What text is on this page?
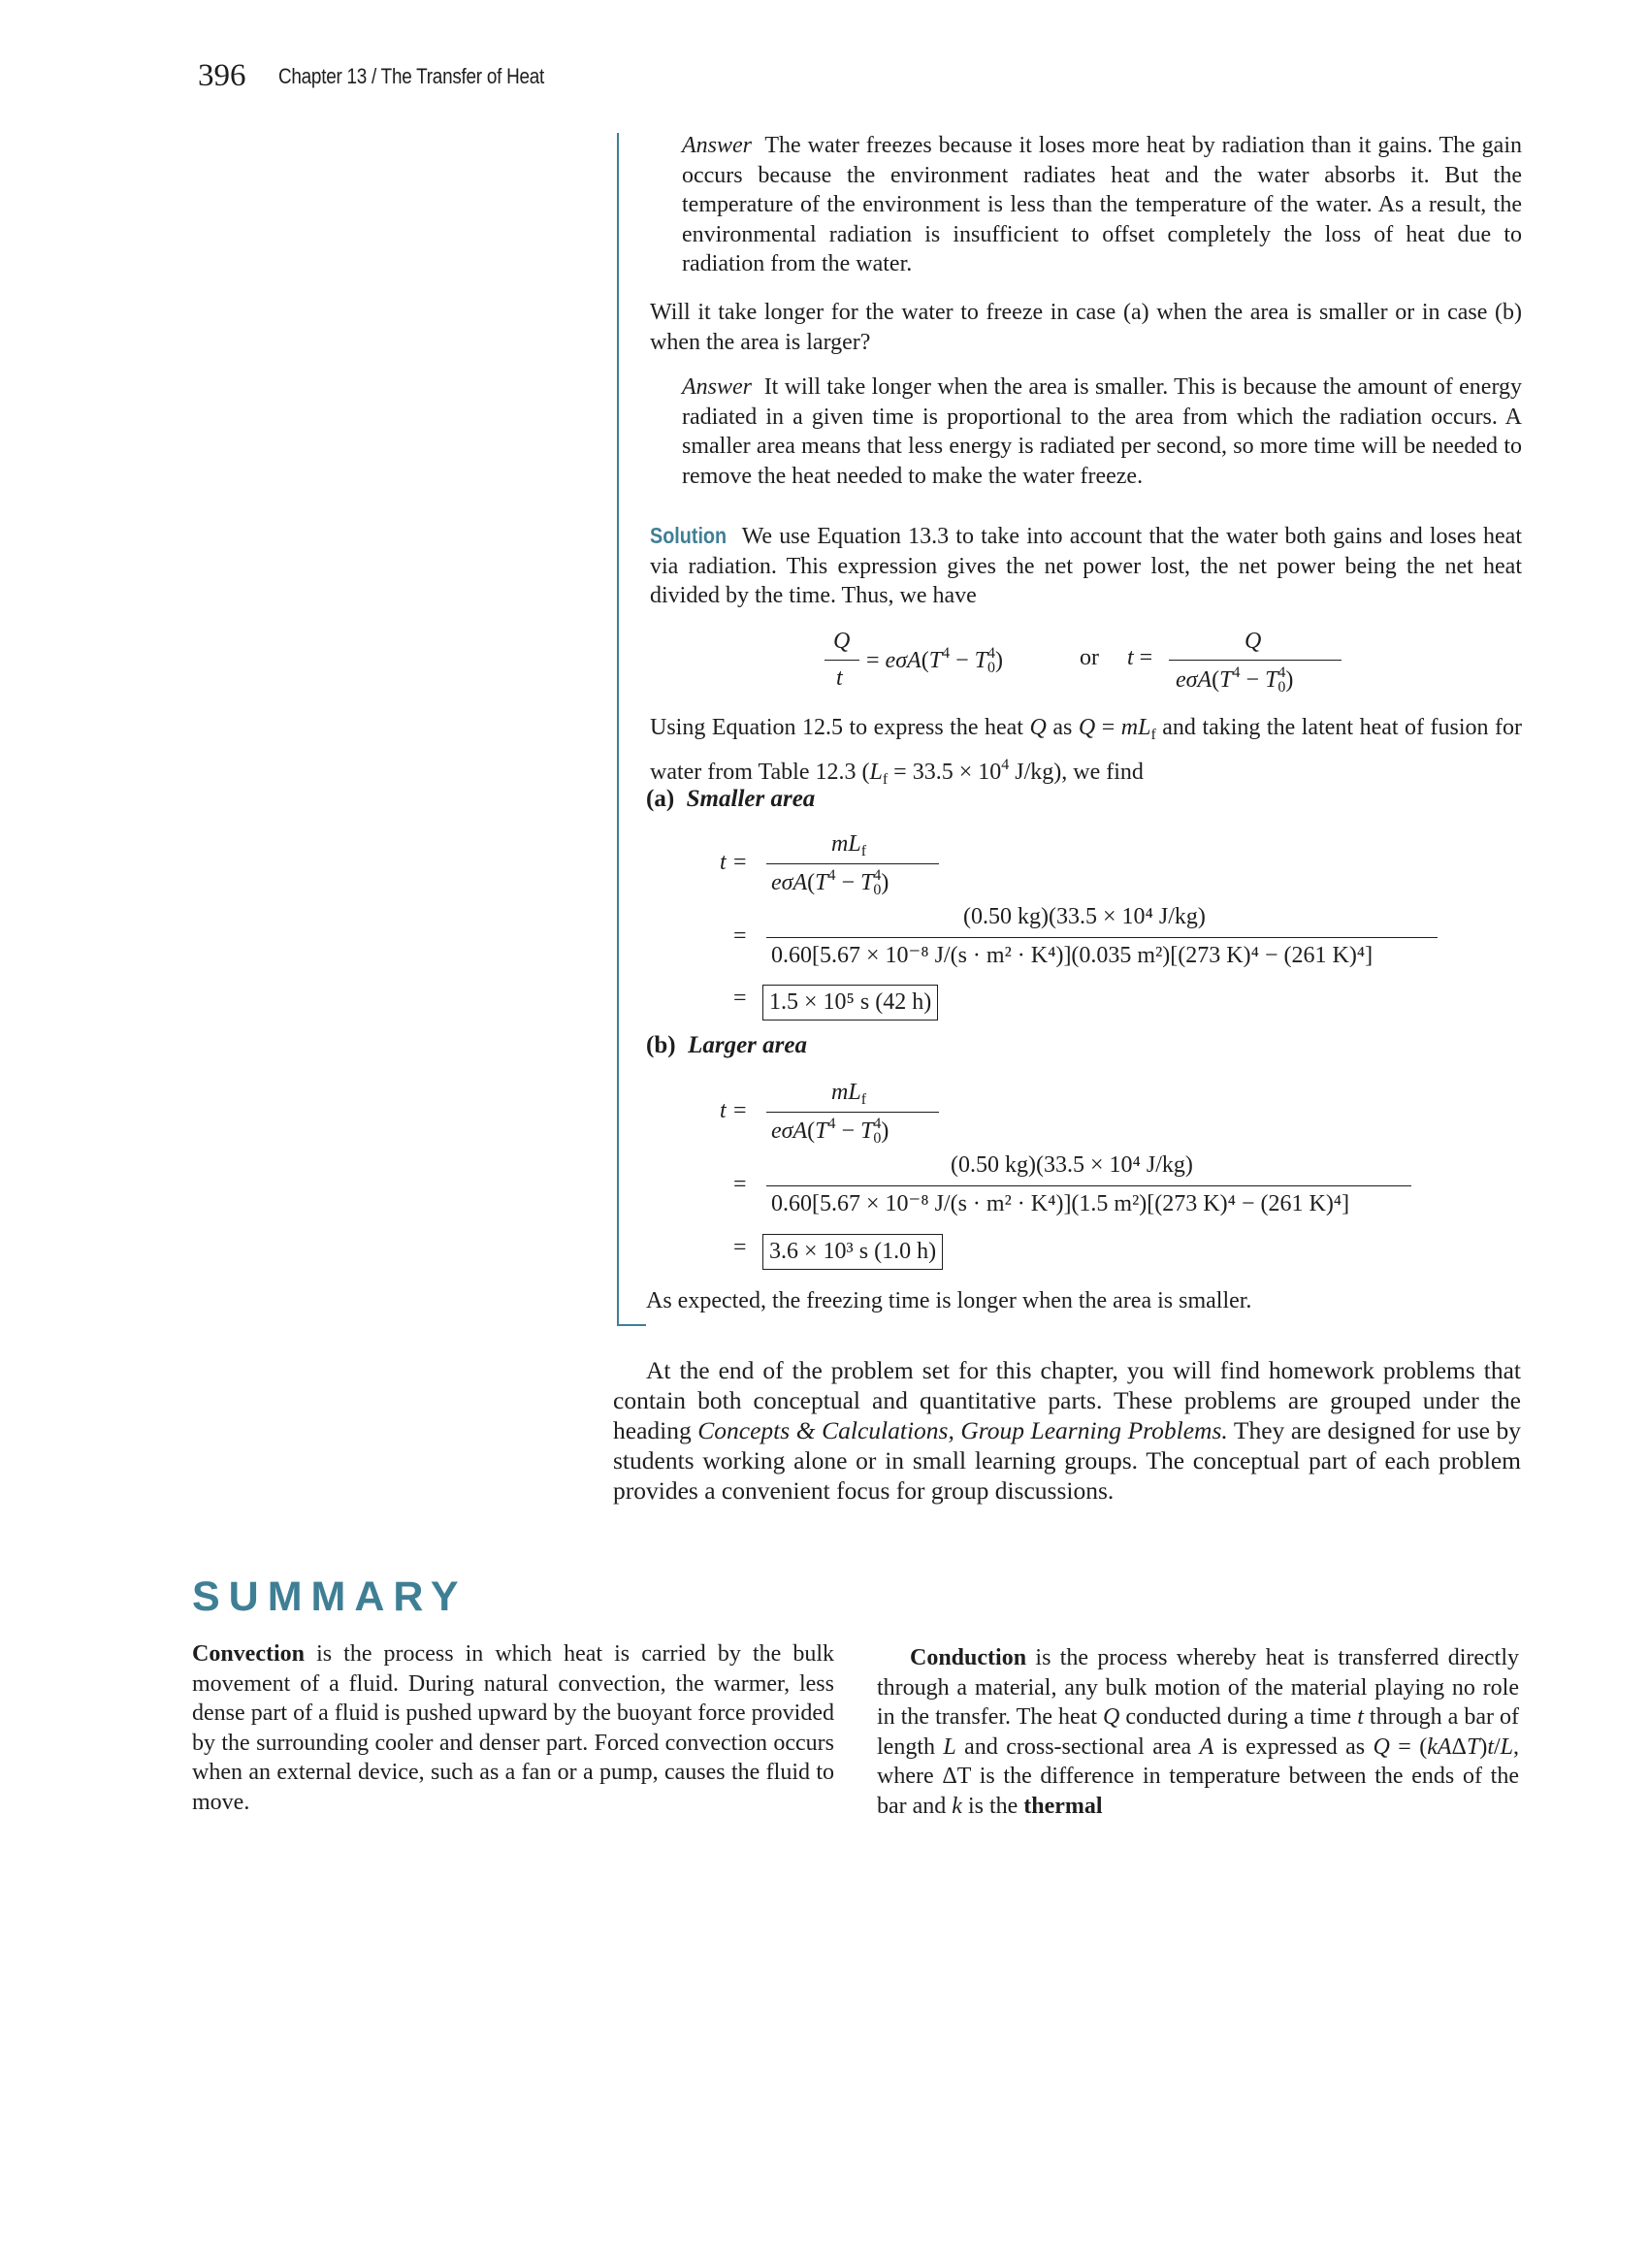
396 Chapter 13 / The Transfer of Heat
Answer The water freezes because it loses more heat by radiation than it gains. The gain occurs because the environment radiates heat and the water absorbs it. But the temperature of the environment is less than the temperature of the water. As a result, the environmental radiation is insufficient to offset completely the loss of heat due to radiation from the water.
Will it take longer for the water to freeze in case (a) when the area is smaller or in case (b) when the area is larger?
Answer It will take longer when the area is smaller. This is because the amount of energy radiated in a given time is proportional to the area from which the radiation occurs. A smaller area means that less energy is radiated per second, so more time will be needed to remove the heat needed to make the water freeze.
Solution We use Equation 13.3 to take into account that the water both gains and loses heat via radiation. This expression gives the net power lost, the net power being the net heat divided by the time. Thus, we have
Q
t
= $e\sigma A(T^4 - T_0^4)$	or t =
Q
$e\sigma A(T^4 - T_0^4)$
Using Equation 12.5 to express the heat Q as $Q = mL_f$ and taking the latent heat of fusion for water from Table 12.3 ($L_f = 33.5 \times 10^4$ J/kg), we find
(a) Smaller area
t =
$mL_f$
$e\sigma A(T^4 - T_0^4)$
=
(0.50 kg)(33.5 × 10⁴ J/kg)
0.60[5.67 × 10⁻⁸ J/(s · m² · K⁴)](0.035 m²)[(273 K)⁴ − (261 K)⁴]
= 1.5 × 10⁵ s (42 h)
(b) Larger area
t =
$mL_f$
$e\sigma A(T^4 - T_0^4)$
=
(0.50 kg)(33.5 × 10⁴ J/kg)
0.60[5.67 × 10⁻⁸ J/(s · m² · K⁴)](1.5 m²)[(273 K)⁴ − (261 K)⁴]
= 3.6 × 10³ s (1.0 h)
As expected, the freezing time is longer when the area is smaller.
At the end of the problem set for this chapter, you will find homework problems that contain both conceptual and quantitative parts. These problems are grouped under the heading Concepts & Calculations, Group Learning Problems. They are designed for use by students working alone or in small learning groups. The conceptual part of each problem provides a convenient focus for group discussions.
SUMMARY
Convection is the process in which heat is carried by the bulk movement of a fluid. During natural convection, the warmer, less dense part of a fluid is pushed upward by the buoyant force provided by the surrounding cooler and denser part. Forced convection occurs when an external device, such as a fan or a pump, causes the fluid to move.
Conduction is the process whereby heat is transferred directly through a material, any bulk motion of the material playing no role in the transfer. The heat Q conducted during a time t through a bar of length L and cross-sectional area A is expressed as Q = (kAΔT)t/L, where ΔT is the difference in temperature between the ends of the bar and k is the thermal
